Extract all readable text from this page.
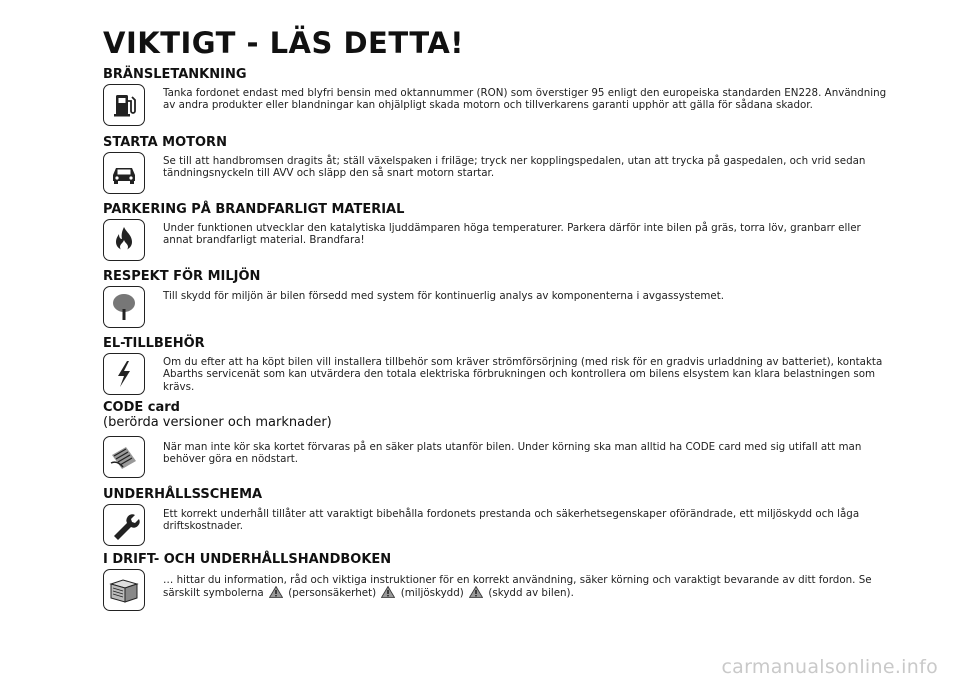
VIKTIGT - LÄS DETTA!
BRÄNSLETANKNING
Tanka fordonet endast med blyfri bensin med oktannummer (RON) som överstiger 95 enligt den europeiska standarden EN228. Användning av andra produkter eller blandningar kan ohjälpligt skada motorn och tillverkarens garanti upphör att gälla för sådana skador.
STARTA MOTORN
Se till att handbromsen dragits åt; ställ växelspaken i friläge; tryck ner kopplingspedalen, utan att trycka på gaspedalen, och vrid sedan tändningsnyckeln till AVV och släpp den så snart motorn startar.
PARKERING PÅ BRANDFARLIGT MATERIAL
Under funktionen utvecklar den katalytiska ljuddämparen höga temperaturer. Parkera därför inte bilen på gräs, torra löv, granbarr eller annat brandfarligt material. Brandfara!
RESPEKT FÖR MILJÖN
Till skydd för miljön är bilen försedd med system för kontinuerlig analys av komponenterna i avgassystemet.
EL-TILLBEHÖR
Om du efter att ha köpt bilen vill installera tillbehör som kräver strömförsörjning (med risk för en gradvis urladdning av batteriet), kontakta Abarths servicenät som kan utvärdera den totala elektriska förbrukningen och kontrollera om bilens elsystem kan klara belastningen som krävs.
CODE card
(berörda versioner och marknader)
När man inte kör ska kortet förvaras på en säker plats utanför bilen. Under körning ska man alltid ha CODE card med sig utifall att man behöver göra en nödstart.
UNDERHÅLLSSCHEMA
Ett korrekt underhåll tillåter att varaktigt bibehålla fordonets prestanda och säkerhetsegenskaper oförändrade, ett miljöskydd och låga driftskostnader.
I DRIFT- OCH UNDERHÅLLSHANDBOKEN
… hittar du information, råd och viktiga instruktioner för en korrekt användning, säker körning och varaktigt bevarande av ditt fordon. Se särskilt symbolerna (personsäkerhet) (miljöskydd) (skydd av bilen).
carmanualsonline.info
